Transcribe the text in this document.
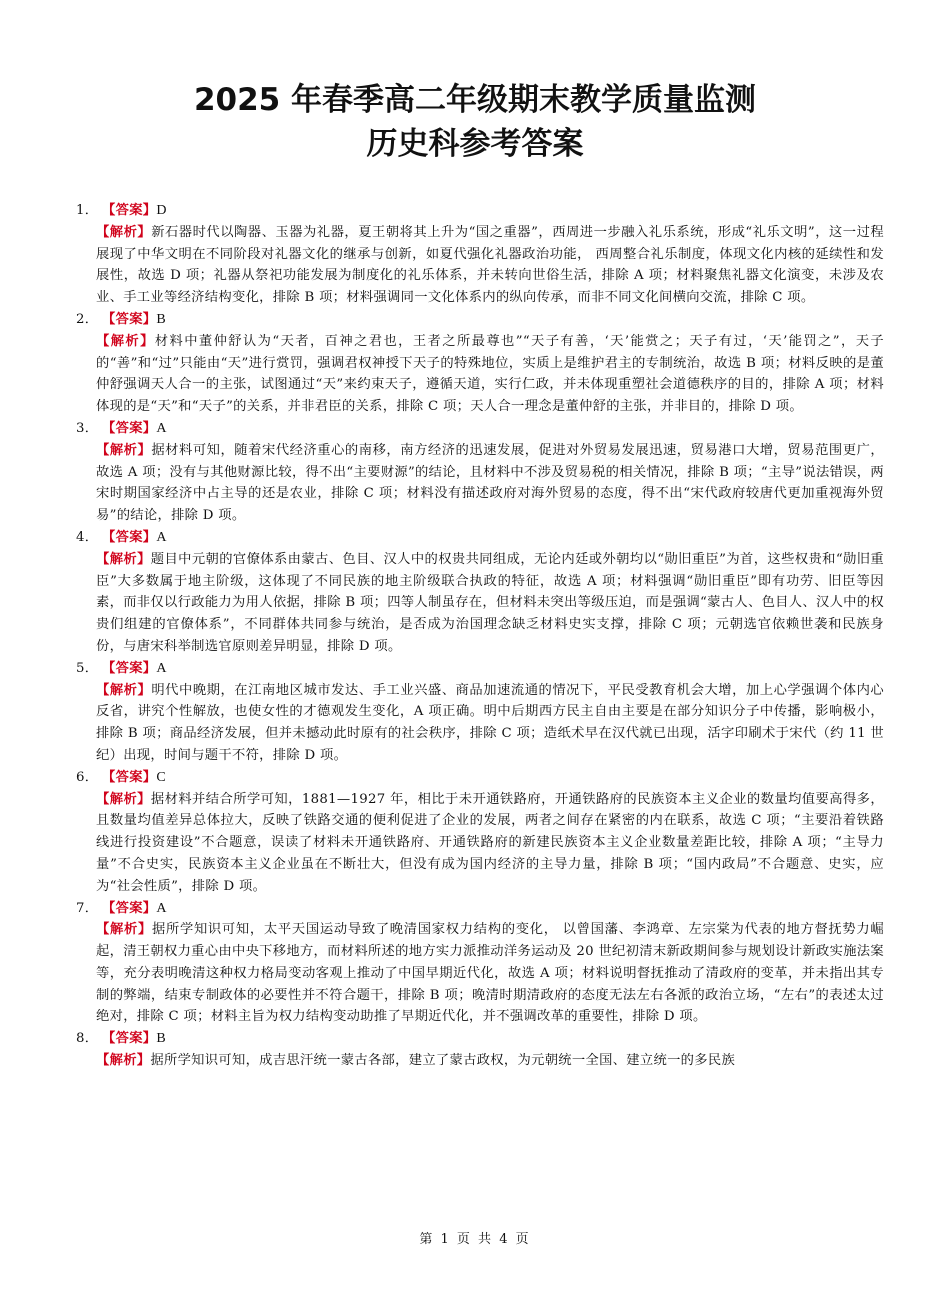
2025 年春季高二年级期末教学质量监测
历史科参考答案

1． 【答案】D

【解析】新石器时代以陶器、玉器为礼器，夏王朝将其上升为“国之重器”，西周进一步融入礼乐系统，形成“礼乐文明”，这一过程展现了中华文明在不同阶段对礼器文化的继承与创新，如夏代强化礼器政治功能， 西周整合礼乐制度，体现文化内核的延续性和发展性，故选 D 项；礼器从祭祀功能发展为制度化的礼乐体系，并未转向世俗生活，排除 A 项；材料聚焦礼器文化演变，未涉及农业、手工业等经济结构变化，排除 B 项；材料强调同一文化体系内的纵向传承，而非不同文化间横向交流，排除 C 项。

2． 【答案】B

【解析】材料中董仲舒认为“天者，百神之君也，王者之所最尊也”“天子有善，‘天’能赏之；天子有过，‘天’能罚之”，天子的“善”和“过”只能由“天”进行赏罚，强调君权神授下天子的特殊地位，实质上是维护君主的专制统治，故选 B 项；材料反映的是董仲舒强调天人合一的主张，试图通过“天”来约束天子，遵循天道，实行仁政，并未体现重塑社会道德秩序的目的，排除 A 项；材料体现的是“天”和“天子”的关系，并非君臣的关系，排除 C 项；天人合一理念是董仲舒的主张，并非目的，排除 D 项。

3． 【答案】A

【解析】据材料可知，随着宋代经济重心的南移，南方经济的迅速发展，促进对外贸易发展迅速，贸易港口大增，贸易范围更广，故选 A 项；没有与其他财源比较，得不出“主要财源”的结论，且材料中不涉及贸易税的相关情况，排除 B 项；“主导”说法错误，两宋时期国家经济中占主导的还是农业，排除 C 项；材料没有描述政府对海外贸易的态度，得不出“宋代政府较唐代更加重视海外贸易”的结论，排除 D 项。

4． 【答案】A

【解析】题目中元朝的官僚体系由蒙古、色目、汉人中的权贵共同组成，无论内廷或外朝均以“勋旧重臣”为首，这些权贵和“勋旧重臣”大多数属于地主阶级，这体现了不同民族的地主阶级联合执政的特征，故选 A 项；材料强调“勋旧重臣”即有功劳、旧臣等因素，而非仅以行政能力为用人依据，排除 B 项；四等人制虽存在，但材料未突出等级压迫，而是强调“蒙古人、色目人、汉人中的权贵们组建的官僚体系”，不同群体共同参与统治，是否成为治国理念缺乏材料史实支撑，排除 C 项；元朝选官依赖世袭和民族身份，与唐宋科举制选官原则差异明显，排除 D 项。

5． 【答案】A

【解析】明代中晚期，在江南地区城市发达、手工业兴盛、商品加速流通的情况下，平民受教育机会大增，加上心学强调个体内心反省，讲究个性解放，也使女性的才德观发生变化，A 项正确。明中后期西方民主自由主要是在部分知识分子中传播，影响极小，排除 B 项；商品经济发展，但并未撼动此时原有的社会秩序，排除 C 项；造纸术早在汉代就已出现，活字印刷术于宋代（约 11 世纪）出现，时间与题干不符，排除 D 项。

6． 【答案】C

【解析】据材料并结合所学可知，1881—1927 年，相比于未开通铁路府，开通铁路府的民族资本主义企业的数量均值要高得多，且数量均值差异总体拉大，反映了铁路交通的便利促进了企业的发展，两者之间存在紧密的内在联系，故选 C 项；“主要沿着铁路线进行投资建设”不合题意，误读了材料未开通铁路府、开通铁路府的新建民族资本主义企业数量差距比较，排除 A 项；“主导力量”不合史实，民族资本主义企业虽在不断壮大，但没有成为国内经济的主导力量，排除 B 项；“国内政局”不合题意、史实，应为“社会性质”，排除 D 项。

7． 【答案】A

【解析】据所学知识可知，太平天国运动导致了晚清国家权力结构的变化， 以曾国藩、李鸿章、左宗棠为代表的地方督抚势力崛起，清王朝权力重心由中央下移地方，而材料所述的地方实力派推动洋务运动及 20 世纪初清末新政期间参与规划设计新政实施法案等，充分表明晚清这种权力格局变动客观上推动了中国早期近代化，故选 A 项；材料说明督抚推动了清政府的变革，并未指出其专制的弊端，结束专制政体的必要性并不符合题干，排除 B 项；晚清时期清政府的态度无法左右各派的政治立场，“左右”的表述太过绝对，排除 C 项；材料主旨为权力结构变动助推了早期近代化，并不强调改革的重要性，排除 D 项。

8． 【答案】B

【解析】据所学知识可知，成吉思汗统一蒙古各部，建立了蒙古政权，为元朝统一全国、建立统一的多民族

第 1 页 共 4 页
